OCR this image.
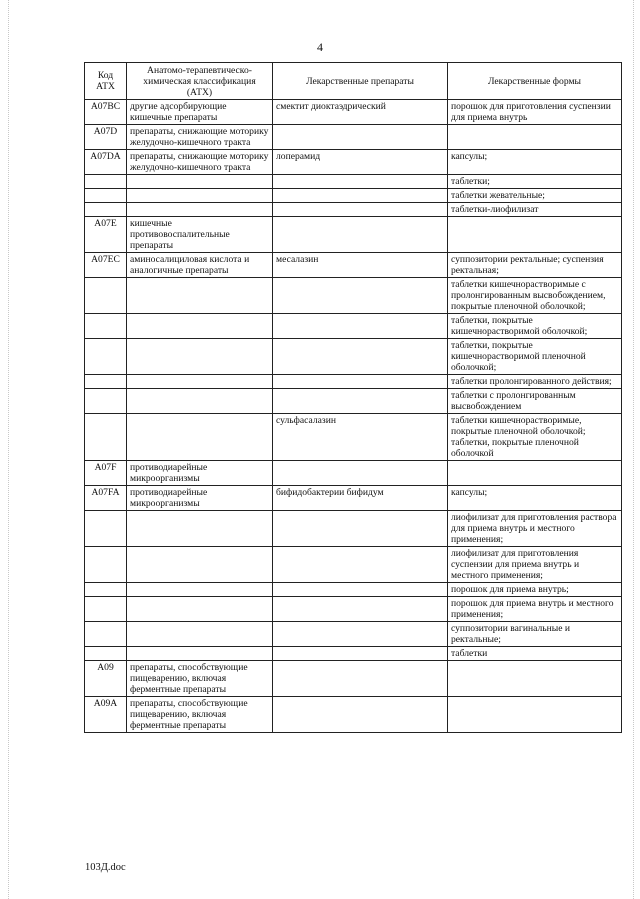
4
Код АТХ	Анатомо-терапевтическо-химическая классификация (АТХ)	Лекарственные препараты	Лекарственные формы
A07BC	другие адсорбирующие кишечные препараты	смектит диоктаэдрический	порошок для приготовления суспензии для приема внутрь
A07D	препараты, снижающие моторику желудочно-кишечного тракта		
A07DA	препараты, снижающие моторику желудочно-кишечного тракта	лоперамид	капсулы;
			таблетки;
			таблетки жевательные;
			таблетки-лиофилизат
A07E	кишечные противовоспалительные препараты		
A07EC	аминосалициловая кислота и аналогичные препараты	месалазин	суппозитории ректальные; суспензия ректальная;
			таблетки кишечнорастворимые с пролонгированным высвобождением, покрытые пленочной оболочкой;
			таблетки, покрытые кишечнорастворимой оболочкой;
			таблетки, покрытые кишечнорастворимой пленочной оболочкой;
			таблетки пролонгированного действия;
			таблетки с пролонгированным высвобождением
		сульфасалазин	таблетки кишечнорастворимые, покрытые пленочной оболочкой; таблетки, покрытые пленочной оболочкой
A07F	противодиарейные микроорганизмы		
A07FA	противодиарейные микроорганизмы	бифидобактерии бифидум	капсулы;
			лиофилизат для приготовления раствора для приема внутрь и местного применения;
			лиофилизат для приготовления суспензии для приема внутрь и местного применения;
			порошок для приема внутрь;
			порошок для приема внутрь и местного применения;
			суппозитории вагинальные и ректальные;
			таблетки
A09	препараты, способствующие пищеварению, включая ферментные препараты		
A09A	препараты, способствующие пищеварению, включая ферментные препараты		
103Д.doc
